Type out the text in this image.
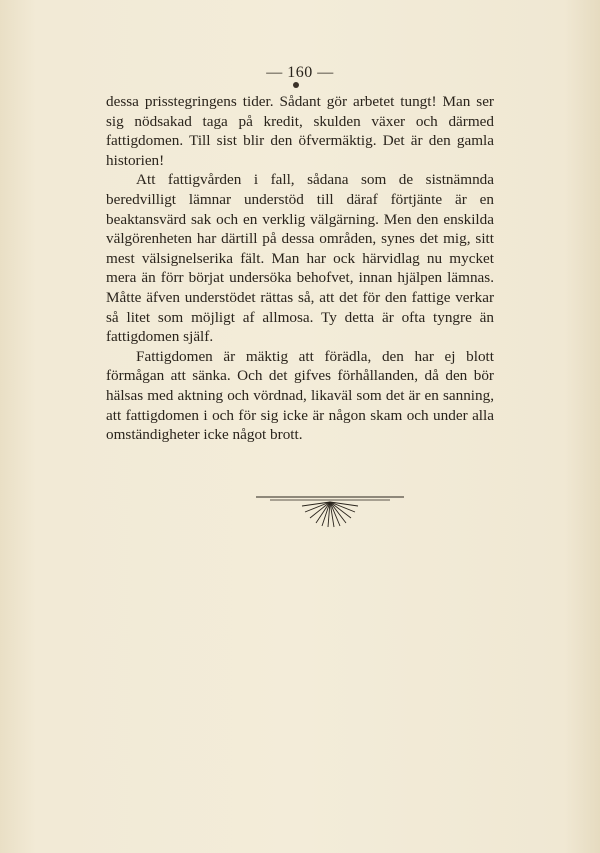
— 160 —

dessa prisstegringens tider. Sådant gör arbetet tungt! Man ser sig nödsakad taga på kredit, skulden växer och därmed fattigdomen. Till sist blir den öfvermäktig. Det är den gamla historien!

Att fattigvården i fall, sådana som de sistnämnda beredvilligt lämnar understöd till däraf förtjänte är en beaktansvärd sak och en verklig välgärning. Men den enskilda välgörenheten har därtill på dessa områden, synes det mig, sitt mest välsignelserika fält. Man har ock härvidlag nu mycket mera än förr börjat undersöka behofvet, innan hjälpen lämnas. Måtte äfven understödet rättas så, att det för den fattige verkar så litet som möjligt af allmosa. Ty detta är ofta tyngre än fattigdomen själf.

Fattigdomen är mäktig att förädla, den har ej blott förmågan att sänka. Och det gifves förhållanden, då den bör hälsas med aktning och vördnad, likaväl som det är en sanning, att fattigdomen i och för sig icke är någon skam och under alla omständigheter icke något brott.
